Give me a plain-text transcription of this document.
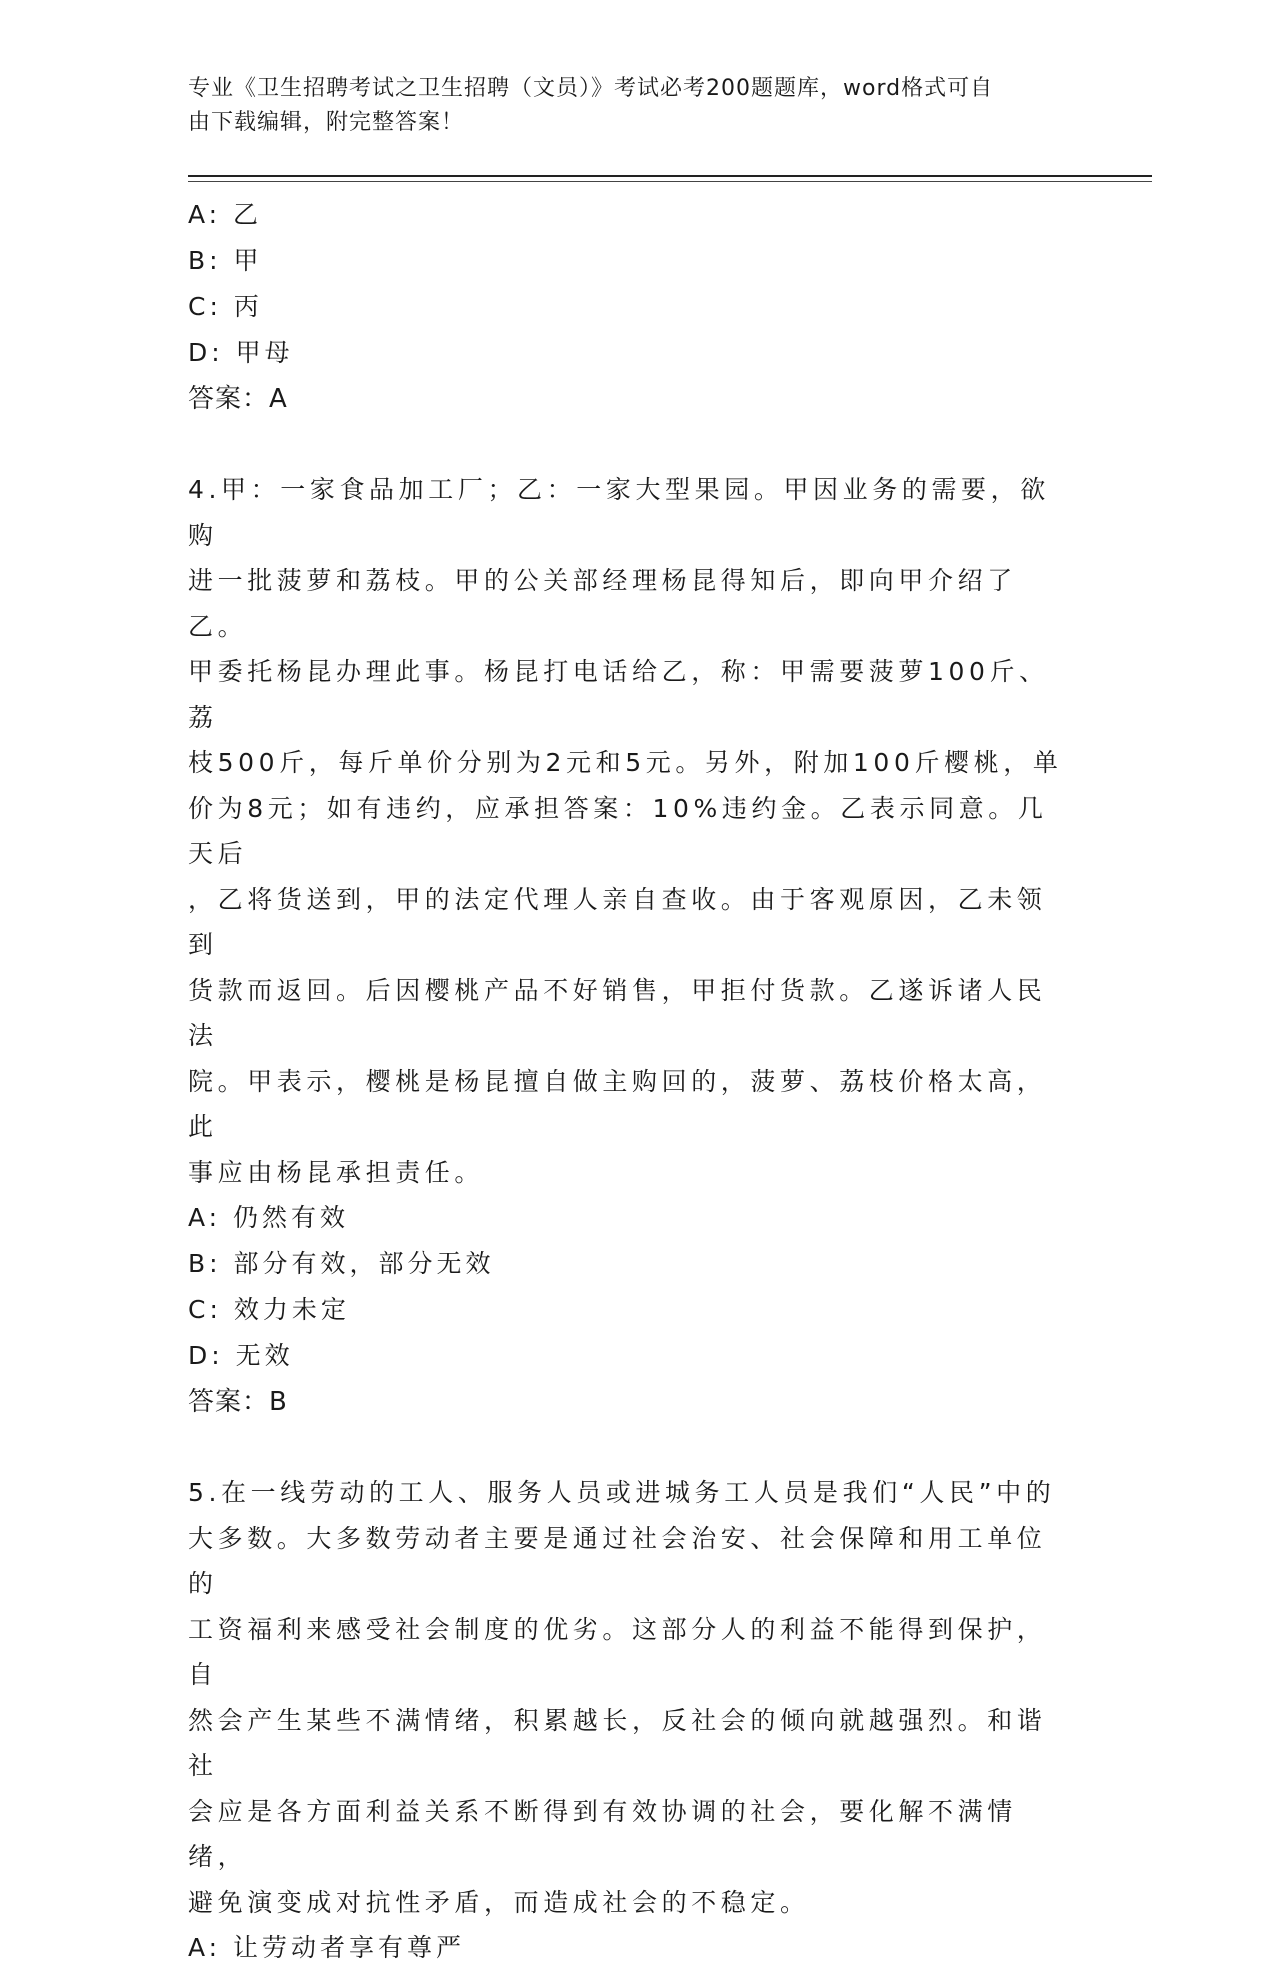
专业《卫生招聘考试之卫生招聘（文员）》考试必考200题题库，word格式可自
由下载编辑，附完整答案！

A: 乙

B: 甲

C: 丙

D: 甲母

答案：A

4.甲：一家食品加工厂；乙：一家大型果园。甲因业务的需要，欲购

进一批菠萝和荔枝。甲的公关部经理杨昆得知后，即向甲介绍了乙。

甲委托杨昆办理此事。杨昆打电话给乙，称：甲需要菠萝100斤、荔

枝500斤，每斤单价分别为2元和5元。另外，附加100斤樱桃，单

价为8元；如有违约，应承担答案：10%违约金。乙表示同意。几天后

，乙将货送到，甲的法定代理人亲自查收。由于客观原因，乙未领到

货款而返回。后因樱桃产品不好销售，甲拒付货款。乙遂诉诸人民法

院。甲表示，樱桃是杨昆擅自做主购回的，菠萝、荔枝价格太高，此

事应由杨昆承担责任。

A: 仍然有效

B: 部分有效，部分无效

C: 效力未定

D: 无效

答案：B

5.在一线劳动的工人、服务人员或进城务工人员是我们“人民”中的

大多数。大多数劳动者主要是通过社会治安、社会保障和用工单位的

工资福利来感受社会制度的优劣。这部分人的利益不能得到保护，自

然会产生某些不满情绪，积累越长，反社会的倾向就越强烈。和谐社

会应是各方面利益关系不断得到有效协调的社会，要化解不满情绪，

避免演变成对抗性矛盾，而造成社会的不稳定。

A: 让劳动者享有尊严
